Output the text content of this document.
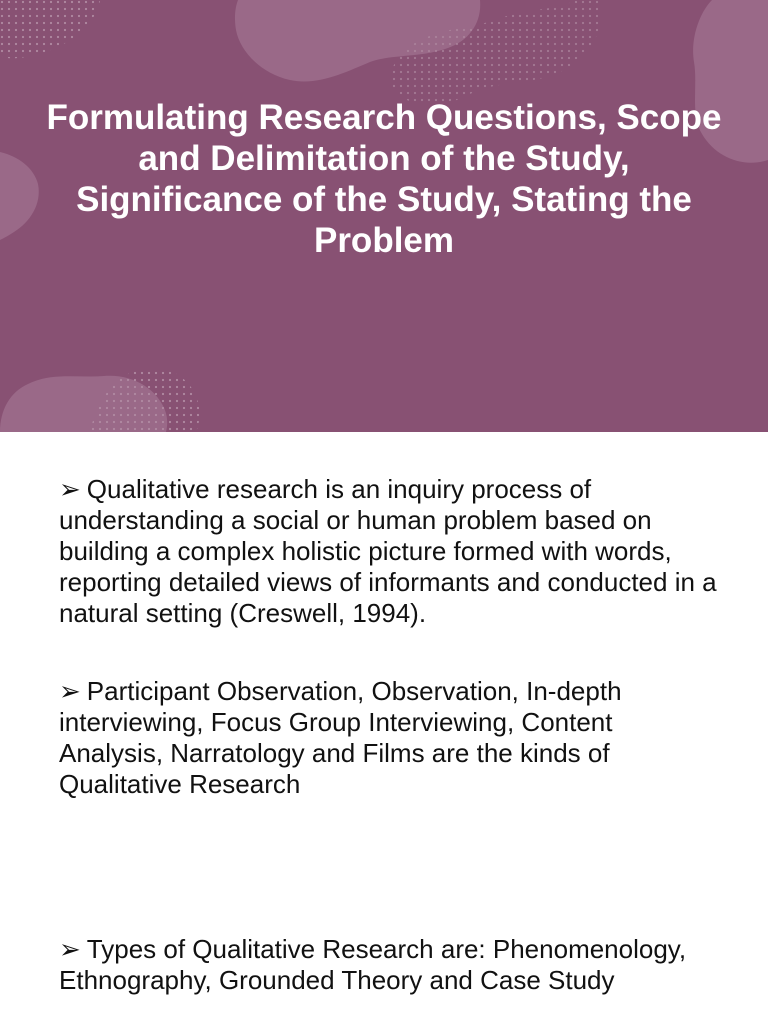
Formulating Research Questions, Scope and Delimitation of the Study, Significance of the Study, Stating the Problem

➢ Qualitative research is an inquiry process of understanding a social or human problem based on building a complex holistic picture formed with words, reporting detailed views of informants and conducted in a natural setting (Creswell, 1994).

➢ Participant Observation, Observation, In-depth interviewing, Focus Group Interviewing, Content Analysis, Narratology and Films are the kinds of Qualitative Research

➢ Types of Qualitative Research are: Phenomenology, Ethnography, Grounded Theory and Case Study
